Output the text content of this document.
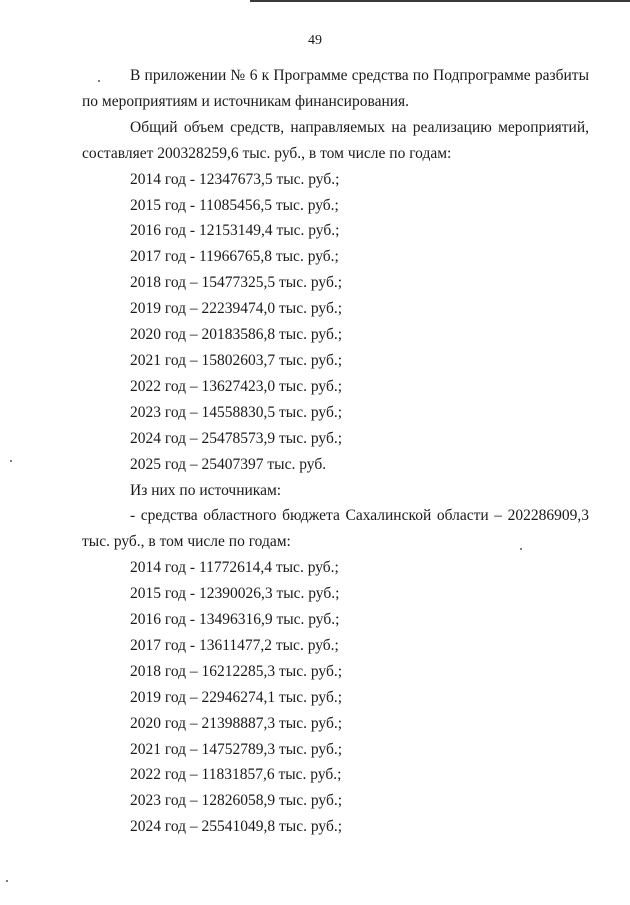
49

В приложении № 6 к Программе средства по Подпрограмме разбиты по мероприятиям и источникам финансирования.

Общий объем средств, направляемых на реализацию мероприятий, составляет 200328259,6 тыс. руб., в том числе по годам:

2014 год - 12347673,5 тыс. руб.;

2015 год - 11085456,5 тыс. руб.;

2016 год - 12153149,4 тыс. руб.;

2017 год - 11966765,8 тыс. руб.;

2018 год – 15477325,5 тыс. руб.;

2019 год – 22239474,0 тыс. руб.;

2020 год – 20183586,8 тыс. руб.;

2021 год – 15802603,7 тыс. руб.;

2022 год – 13627423,0 тыс. руб.;

2023 год – 14558830,5 тыс. руб.;

2024 год – 25478573,9 тыс. руб.;

2025 год – 25407397 тыс. руб.

Из них по источникам:

- средства областного бюджета Сахалинской области – 202286909,3 тыс. руб., в том числе по годам:

2014 год - 11772614,4 тыс. руб.;

2015 год - 12390026,3 тыс. руб.;

2016 год - 13496316,9 тыс. руб.;

2017 год - 13611477,2 тыс. руб.;

2018 год – 16212285,3 тыс. руб.;

2019 год – 22946274,1 тыс. руб.;

2020 год – 21398887,3 тыс. руб.;

2021 год – 14752789,3 тыс. руб.;

2022 год – 11831857,6 тыс. руб.;

2023 год – 12826058,9 тыс. руб.;

2024 год – 25541049,8 тыс. руб.;
